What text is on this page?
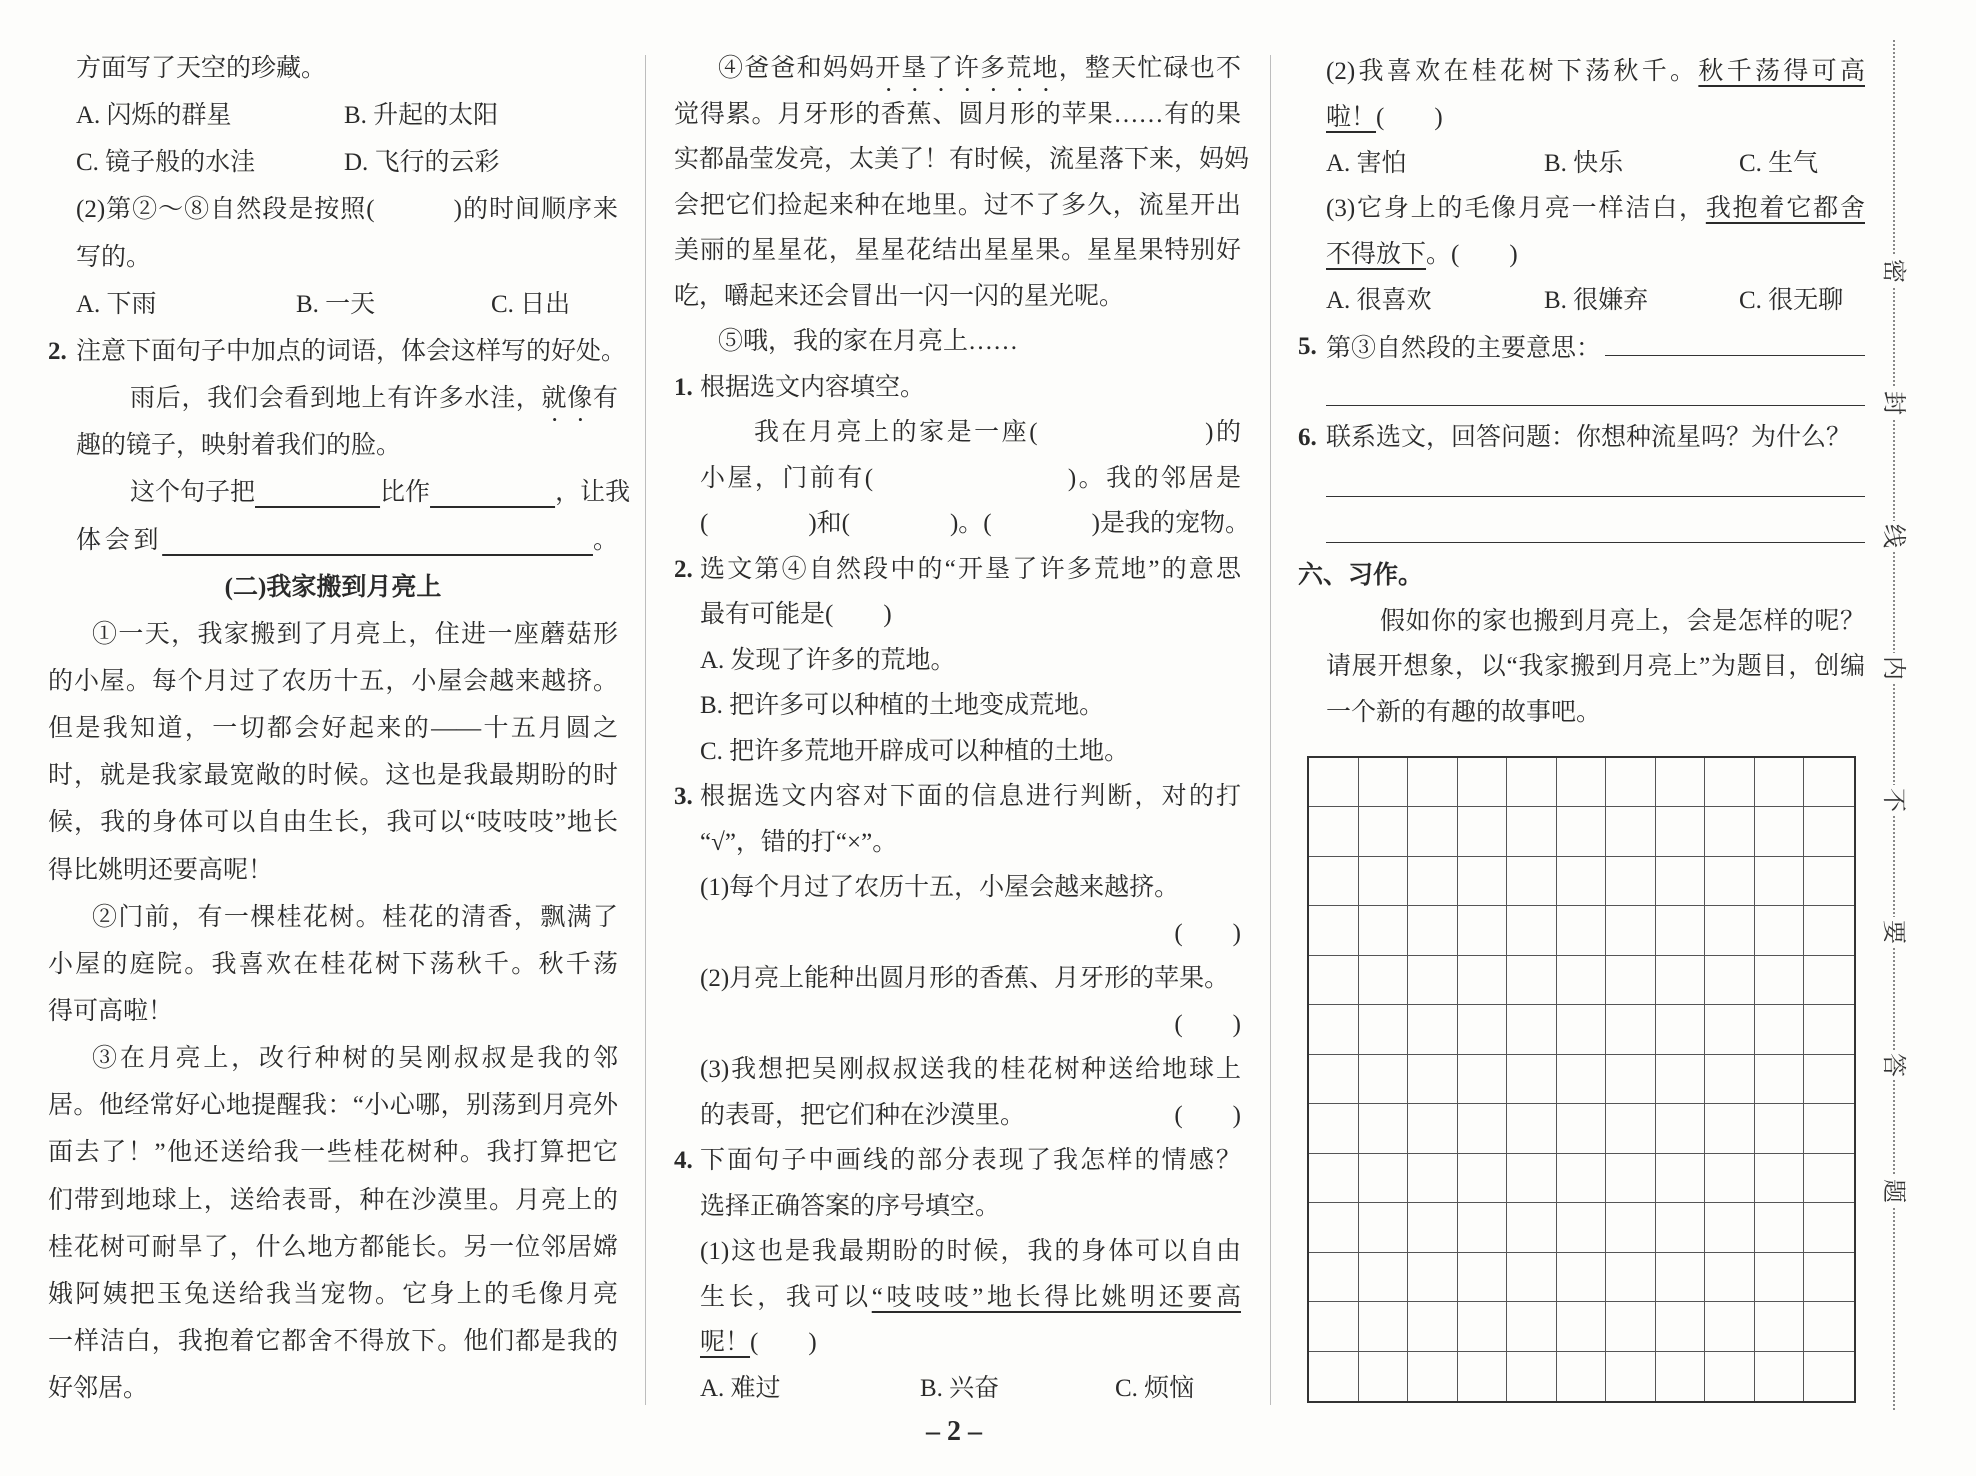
密
封
线
内
不
要
答
题
– 2 –
方面写了天空的珍藏。
A. 闪烁的群星	B. 升起的太阳
C. 镜子般的水洼	D. 飞行的云彩
(2)第②～⑧自然段是按照(　　　)的时间顺序来
写的。
A. 下雨	B. 一天	C. 日出
2. 注意下面句子中加点的词语，体会这样写的好处。
雨后，我们会看到地上有许多水洼，就像有
趣的镜子，映射着我们的脸。
这个句子把　　　　　	比作　　　　　	，让我
体会到　　　　　　　　　　　　　　　	。
(二)我家搬到月亮上
①一天，我家搬到了月亮上，住进一座蘑菇形
的小屋。每个月过了农历十五，小屋会越来越挤。
但是我知道，一切都会好起来的——十五月圆之
时，就是我家最宽敞的时候。这也是我最期盼的时
候，我的身体可以自由生长，我可以“吱吱吱”地长
得比姚明还要高呢！
②门前，有一棵桂花树。桂花的清香，飘满了
小屋的庭院。我喜欢在桂花树下荡秋千。秋千荡
得可高啦！
③在月亮上，改行种树的吴刚叔叔是我的邻
居。他经常好心地提醒我：“小心哪，别荡到月亮外
面去了！”他还送给我一些桂花树种。我打算把它
们带到地球上，送给表哥，种在沙漠里。月亮上的
桂花树可耐旱了，什么地方都能长。另一位邻居嫦
娥阿姨把玉兔送给我当宠物。它身上的毛像月亮
一样洁白，我抱着它都舍不得放下。他们都是我的
好邻居。
④爸爸和妈妈开垦了许多荒地，整天忙碌也不
觉得累。月牙形的香蕉、圆月形的苹果……有的果
实都晶莹发亮，太美了！有时候，流星落下来，妈妈
会把它们捡起来种在地里。过不了多久，流星开出
美丽的星星花，星星花结出星星果。星星果特别好
吃，嚼起来还会冒出一闪一闪的星光呢。
⑤哦，我的家在月亮上……
1. 根据选文内容填空。
我在月亮上的家是一座(　　　　　　)的
小屋，门前有(　　　　　　　)。我的邻居是
(　　　　)和(　　　　)。(　　　　)是我的宠物。
2. 选文第④自然段中的“开垦了许多荒地”的意思
最有可能是(　　)
A. 发现了许多的荒地。
B. 把许多可以种植的土地变成荒地。
C. 把许多荒地开辟成可以种植的土地。
3. 根据选文内容对下面的信息进行判断，对的打
“√”，错的打“×”。
(1)每个月过了农历十五，小屋会越来越挤。
(　　)
(2)月亮上能种出圆月形的香蕉、月牙形的苹果。
(　　)
(3)我想把吴刚叔叔送我的桂花树种送给地球上
的表哥，把它们种在沙漠里。	(　　)
4. 下面句子中画线的部分表现了我怎样的情感？
选择正确答案的序号填空。
(1)这也是我最期盼的时候，我的身体可以自由
生长，我可以“吱吱吱”地长得比姚明还要高
呢！(　　)
A. 难过	B. 兴奋	C. 烦恼
(2)我喜欢在桂花树下荡秋千。秋千荡得可高
啦！(　　)
A. 害怕	B. 快乐	C. 生气
(3)它身上的毛像月亮一样洁白，我抱着它都舍
不得放下。(　　)
A. 很喜欢	B. 很嫌弃	C. 很无聊
5. 第③自然段的主要意思：
6. 联系选文，回答问题：你想种流星吗？为什么？
六、习作。
假如你的家也搬到月亮上，会是怎样的呢？
请展开想象，以“我家搬到月亮上”为题目，创编
一个新的有趣的故事吧。
